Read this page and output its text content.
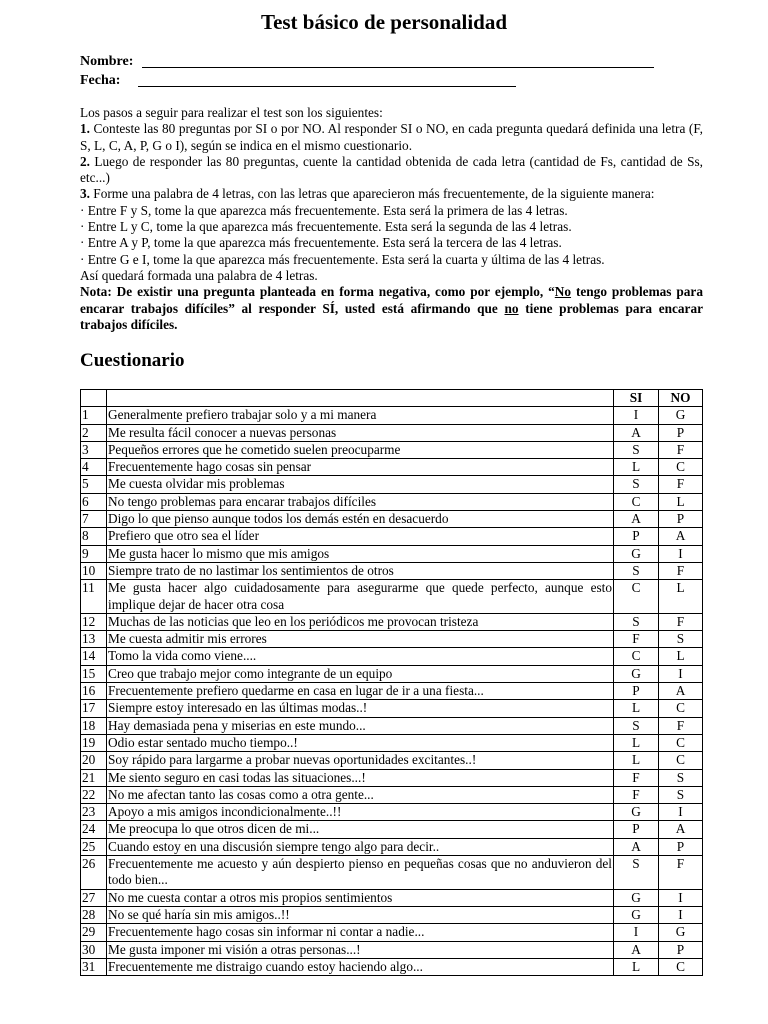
Test básico de personalidad
Nombre:
Fecha:

Los pasos a seguir para realizar el test son los siguientes:

1. Conteste las 80 preguntas por SI o por NO. Al responder SI o NO, en cada pregunta quedará definida una letra (F, S, L, C, A, P, G o I), según se indica en el mismo cuestionario.

2. Luego de responder las 80 preguntas, cuente la cantidad obtenida de cada letra (cantidad de Fs, cantidad de Ss, etc...)

3. Forme una palabra de 4 letras, con las letras que aparecieron más frecuentemente, de la siguiente manera:

· Entre F y S, tome la que aparezca más frecuentemente. Esta será la primera de las 4 letras.

· Entre L y C, tome la que aparezca más frecuentemente. Esta será la segunda de las 4 letras.

· Entre A y P, tome la que aparezca más frecuentemente. Esta será la tercera de las 4 letras.

· Entre G e I, tome la que aparezca más frecuentemente. Esta será la cuarta y última de las 4 letras.

Así quedará formada una palabra de 4 letras.

Nota: De existir una pregunta planteada en forma negativa, como por ejemplo, “No tengo problemas para encarar trabajos difíciles” al responder SÍ, usted está afirmando que no tiene problemas para encarar trabajos difíciles.

Cuestionario
		SI	NO
1	Generalmente prefiero trabajar solo y a mi manera	I	G
2	Me resulta fácil conocer a nuevas personas	A	P
3	Pequeños errores que he cometido suelen preocuparme	S	F
4	Frecuentemente hago cosas sin pensar	L	C
5	Me cuesta olvidar mis problemas	S	F
6	No tengo problemas para encarar trabajos difíciles	C	L
7	Digo lo que pienso aunque todos los demás estén en desacuerdo	A	P
8	Prefiero que otro sea el líder	P	A
9	Me gusta hacer lo mismo que mis amigos	G	I
10	Siempre trato de no lastimar los sentimientos de otros	S	F
11	Me gusta hacer algo cuidadosamente para asegurarme que quede perfecto, aunque esto implique dejar de hacer otra cosa	C	L
12	Muchas de las noticias que leo en los periódicos me provocan tristeza	S	F
13	Me cuesta admitir mis errores	F	S
14	Tomo la vida como viene....	C	L
15	Creo que trabajo mejor como integrante de un equipo	G	I
16	Frecuentemente prefiero quedarme en casa en lugar de ir a una fiesta...	P	A
17	Siempre estoy interesado en las últimas modas..!	L	C
18	Hay demasiada pena y miserias en este mundo...	S	F
19	Odio estar sentado mucho tiempo..!	L	C
20	Soy rápido para largarme a probar nuevas oportunidades excitantes..!	L	C
21	Me siento seguro en casi todas las situaciones...!	F	S
22	No me afectan tanto las cosas como a otra gente...	F	S
23	Apoyo a mis amigos incondicionalmente..!!	G	I
24	Me preocupa lo que otros dicen de mi...	P	A
25	Cuando estoy en una discusión siempre tengo algo para decir..	A	P
26	Frecuentemente me acuesto y aún despierto pienso en pequeñas cosas que no anduvieron del todo bien...	S	F
27	No me cuesta contar a otros mis propios sentimientos	G	I
28	No se qué haría sin mis amigos..!!	G	I
29	Frecuentemente hago cosas sin informar ni contar a nadie...	I	G
30	Me gusta imponer mi visión a otras personas...!	A	P
31	Frecuentemente me distraigo cuando estoy haciendo algo...	L	C
